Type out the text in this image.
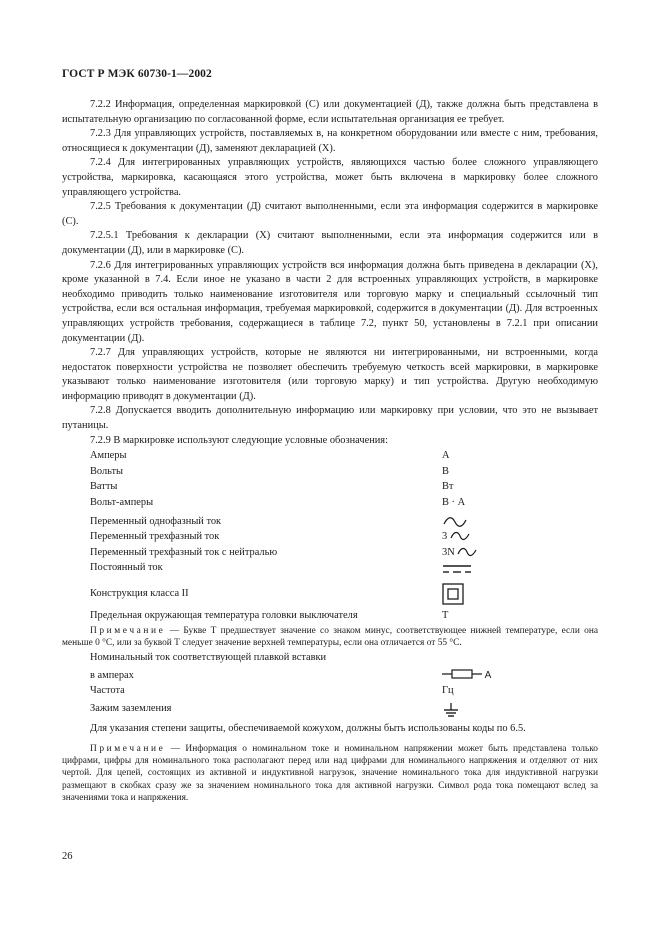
ГОСТ Р МЭК 60730-1—2002

7.2.2 Информация, определенная маркировкой (С) или документацией (Д), также должна быть представлена в испытательную организацию по согласованной форме, если испытательная организация ее требует.

7.2.3 Для управляющих устройств, поставляемых в, на конкретном оборудовании или вместе с ним, требования, относящиеся к документации (Д), заменяют декларацией (X).

7.2.4 Для интегрированных управляющих устройств, являющихся частью более сложного управляющего устройства, маркировка, касающаяся этого устройства, может быть включена в маркировку более сложного управляющего устройства.

7.2.5 Требования к документации (Д) считают выполненными, если эта информация содержится в маркировке (С).

7.2.5.1 Требования к декларации (X) считают выполненными, если эта информация содержится или в документации (Д), или в маркировке (С).

7.2.6 Для интегрированных управляющих устройств вся информация должна быть приведена в декларации (X), кроме указанной в 7.4. Если иное не указано в части 2 для встроенных управляющих устройств, в маркировке необходимо приводить только наименование изготовителя или торговую марку и специальный ссылочный тип устройства, если вся остальная информация, требуемая маркировкой, содержится в документации (Д). Для встроенных управляющих устройств требования, содержащиеся в таблице 7.2, пункт 50, установлены в 7.2.1 при описании документации (Д).

7.2.7 Для управляющих устройств, которые не являются ни интегрированными, ни встроенными, когда недостаток поверхности устройства не позволяет обеспечить требуемую четкость всей маркировки, в маркировке указывают только наименование изготовителя (или торговую марку) и тип устройства. Другую необходимую информацию приводят в документации (Д).

7.2.8 Допускается вводить дополнительную информацию или маркировку при условии, что это не вызывает путаницы.

7.2.9 В маркировке используют следующие условные обозначения:

Амперы	А
Вольты	В
Ватты	Вт
Вольт-амперы	В · А
Переменный однофазный ток
Переменный трехфазный ток	3
Переменный трехфазный ток с нейтралью	3N
Постоянный ток
Конструкция класса II
Предельная окружающая температура головки выключателя	Т

Примечание — Букве Т предшествует значение со знаком минус, соответствующее нижней температуре, если она меньше 0 °С, или за буквой Т следует значение верхней температуры, если она отличается от 55 °С.

Номинальный ток соответствующей плавкой вставки
в амперах	А
Частота	Гц
Зажим заземления

Для указания степени защиты, обеспечиваемой кожухом, должны быть использованы коды по 6.5.

Примечание — Информация о номинальном токе и номинальном напряжении может быть представлена только цифрами, цифры для номинального тока располагают перед или над цифрами для номинального напряжения и отделяют от них чертой. Для цепей, состоящих из активной и индуктивной нагрузок, значение номинального тока для индуктивной нагрузки размещают в скобках сразу же за значением номинального тока для активной нагрузки. Символ рода тока помещают вслед за значениями тока и напряжения.

26
